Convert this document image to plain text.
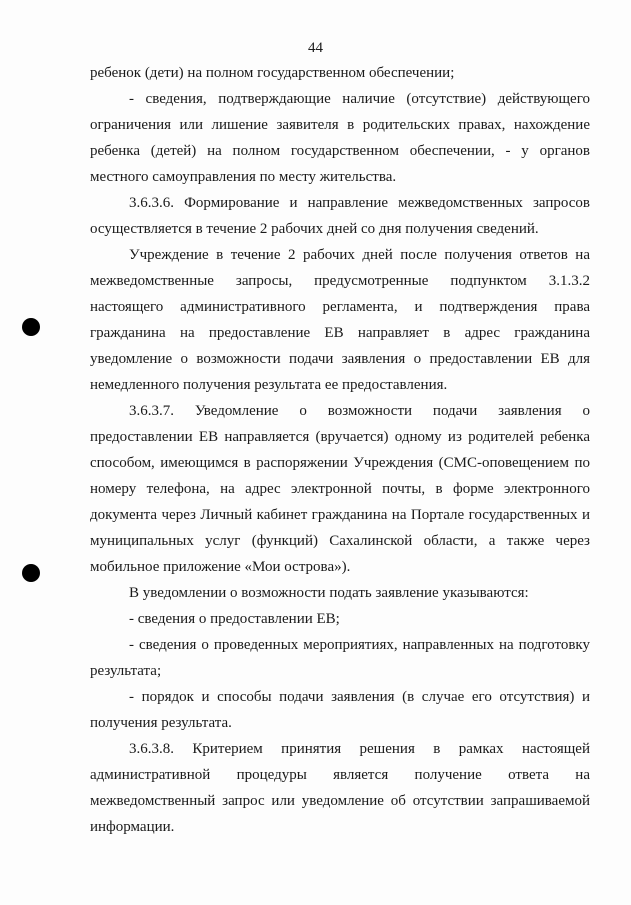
44

ребенок (дети) на полном государственном обеспечении;

- сведения, подтверждающие наличие (отсутствие) действующего ограничения или лишение заявителя в родительских правах, нахождение ребенка (детей) на полном государственном обеспечении, - у органов местного самоуправления по месту жительства.

3.6.3.6. Формирование и направление межведомственных запросов осуществляется в течение 2 рабочих дней со дня получения сведений.

Учреждение в течение 2 рабочих дней после получения ответов на межведомственные запросы, предусмотренные подпунктом 3.1.3.2 настоящего административного регламента, и подтверждения права гражданина на предоставление ЕВ направляет в адрес гражданина уведомление о возможности подачи заявления о предоставлении ЕВ для немедленного получения результата ее предоставления.

3.6.3.7. Уведомление о возможности подачи заявления о предоставлении ЕВ направляется (вручается) одному из родителей ребенка способом, имеющимся в распоряжении Учреждения (СМС-оповещением по номеру телефона, на адрес электронной почты, в форме электронного документа через Личный кабинет гражданина на Портале государственных и муниципальных услуг (функций) Сахалинской области, а также через мобильное приложение «Мои острова»).

В уведомлении о возможности подать заявление указываются:

- сведения о предоставлении ЕВ;

- сведения о проведенных мероприятиях, направленных на подготовку результата;

- порядок и способы подачи заявления (в случае его отсутствия) и получения результата.

3.6.3.8. Критерием принятия решения в рамках настоящей административной процедуры является получение ответа на межведомственный запрос или уведомление об отсутствии запрашиваемой информации.
